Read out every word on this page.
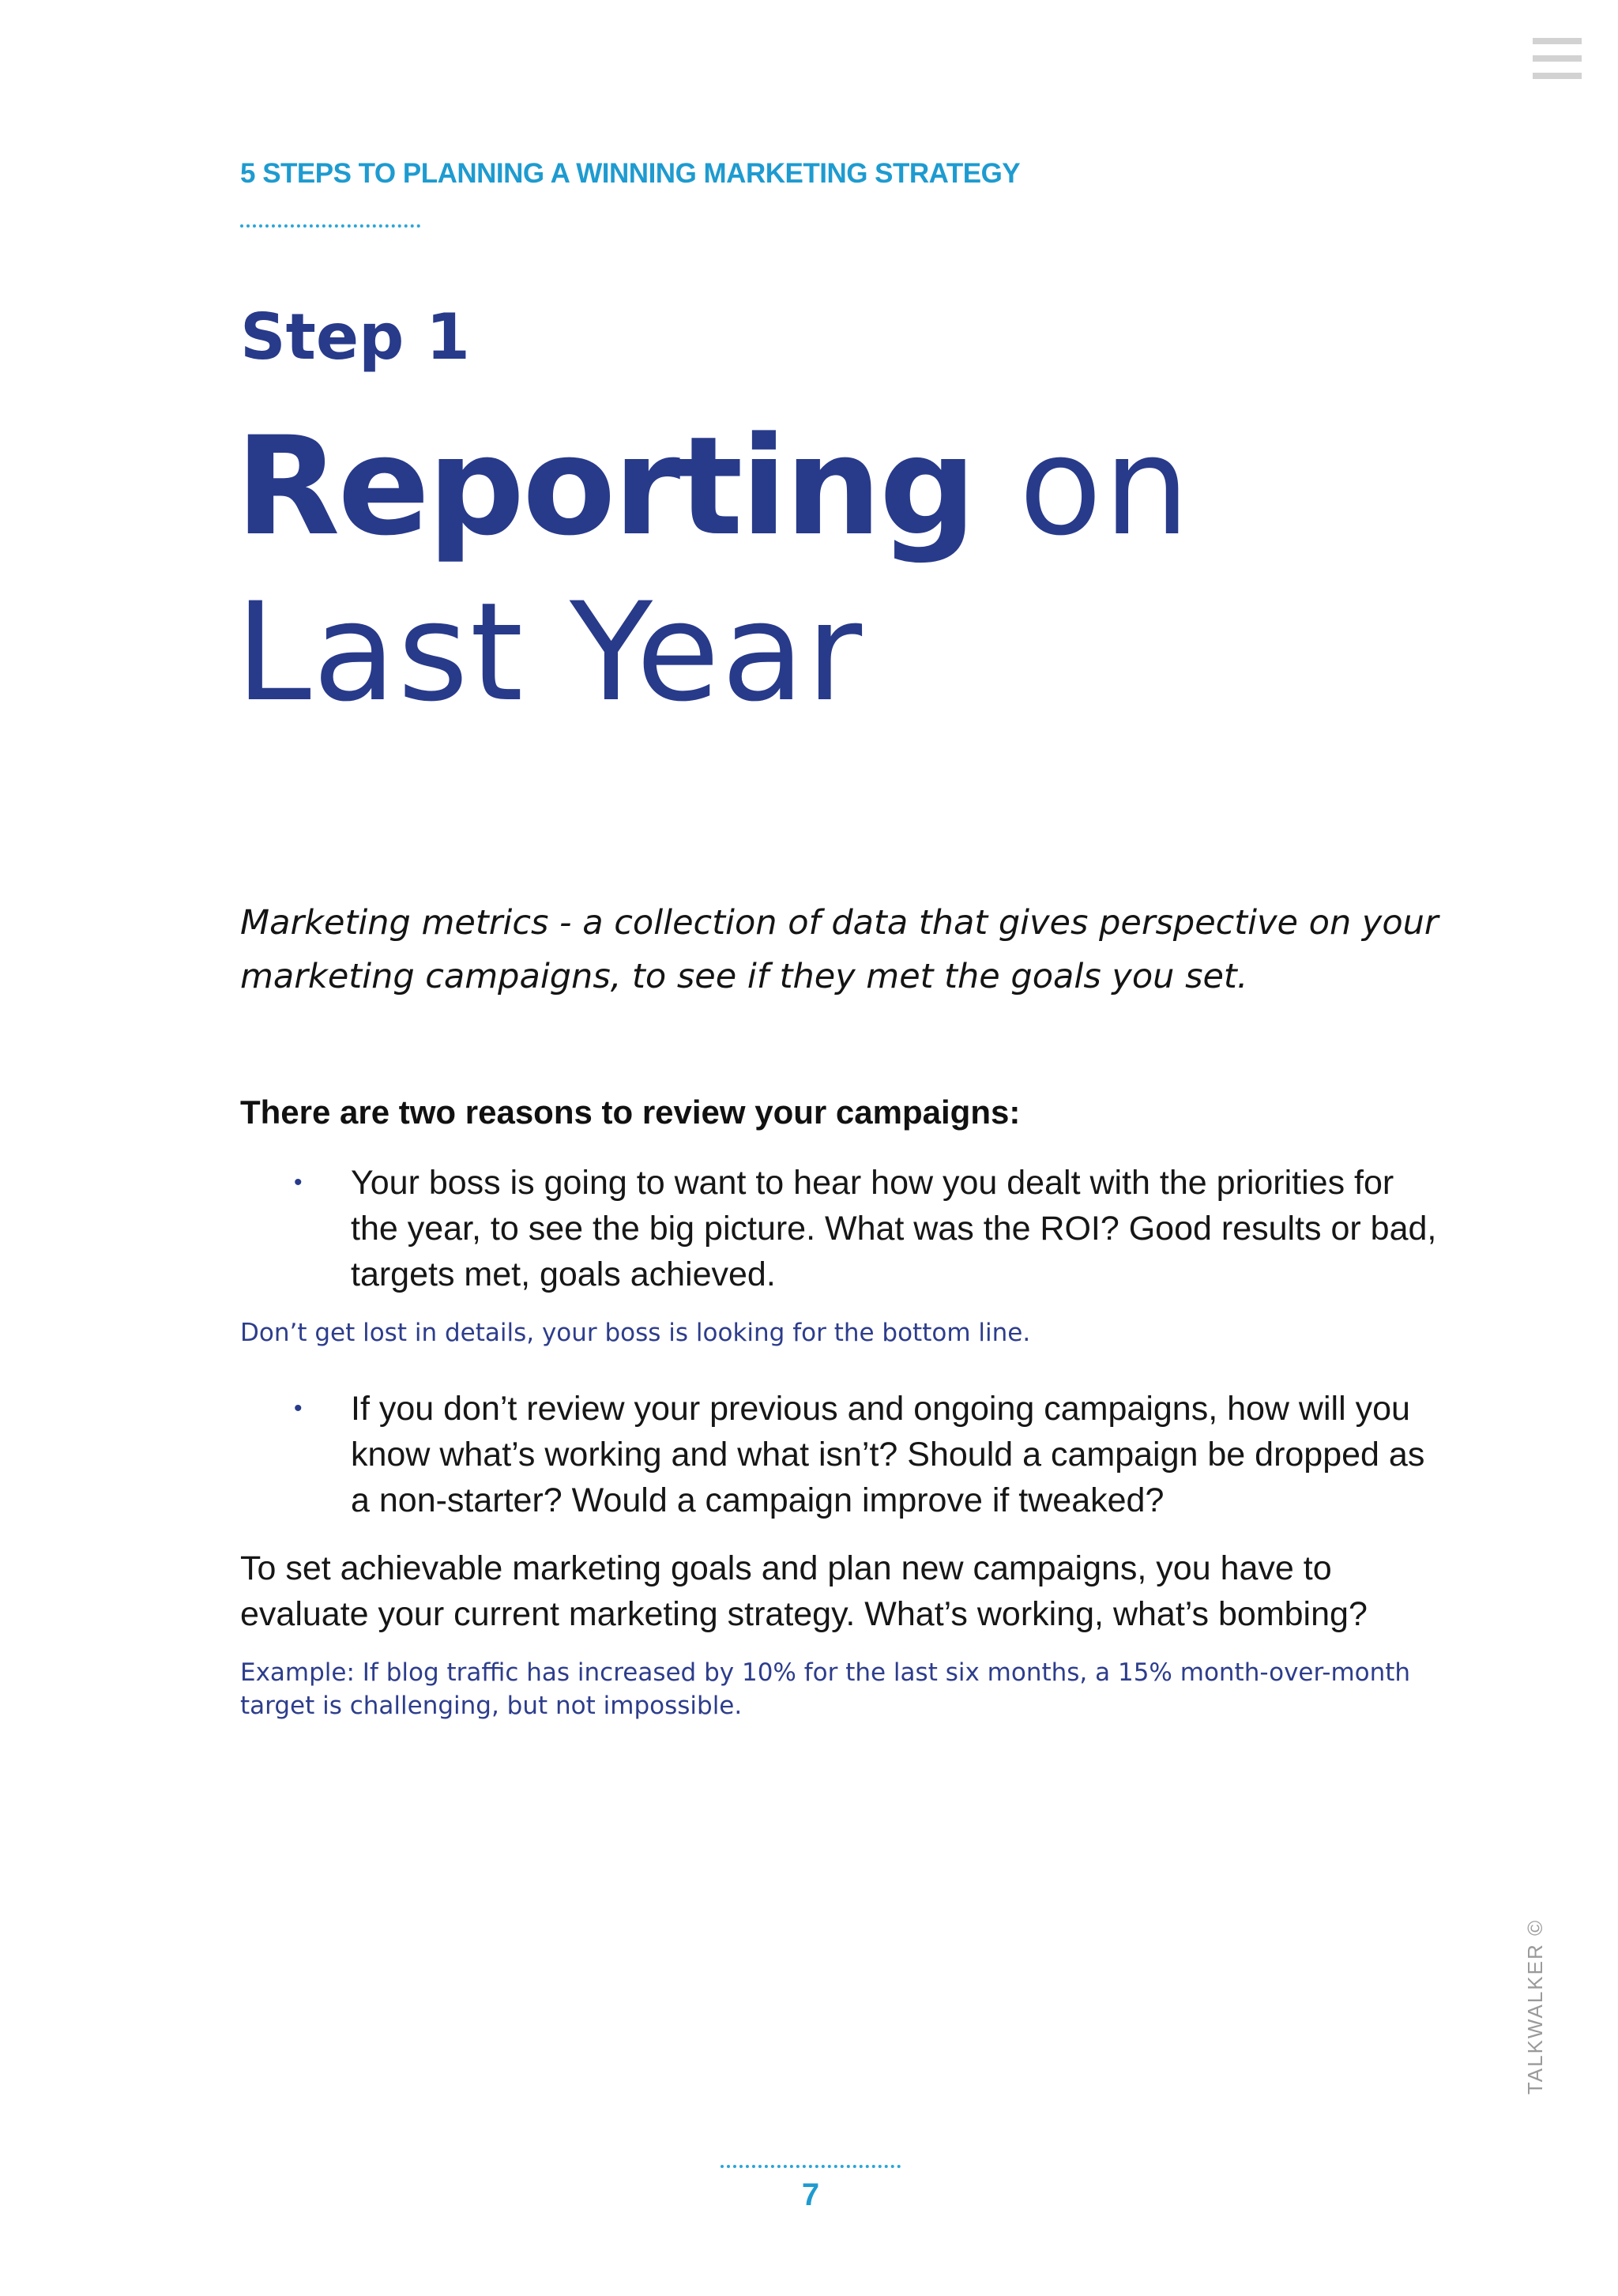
5 STEPS TO PLANNING A WINNING MARKETING STRATEGY
Step 1
Reporting on
Last Year
Marketing metrics - a collection of data that gives perspective on your marketing campaigns, to see if they met the goals you set.
There are two reasons to review your campaigns:
• Your boss is going to want to hear how you dealt with the priorities for the year, to see the big picture. What was the ROI? Good results or bad, targets met, goals achieved.
Don’t get lost in details, your boss is looking for the bottom line.
• If you don’t review your previous and ongoing campaigns, how will you know what’s working and what isn’t? Should a campaign be dropped as a non-starter? Would a campaign improve if tweaked?
To set achievable marketing goals and plan new campaigns, you have to evaluate your current marketing strategy. What’s working, what’s bombing?
Example: If blog traffic has increased by 10% for the last six months, a 15% month-over-month target is challenging, but not impossible.
TALKWALKER ©
7
